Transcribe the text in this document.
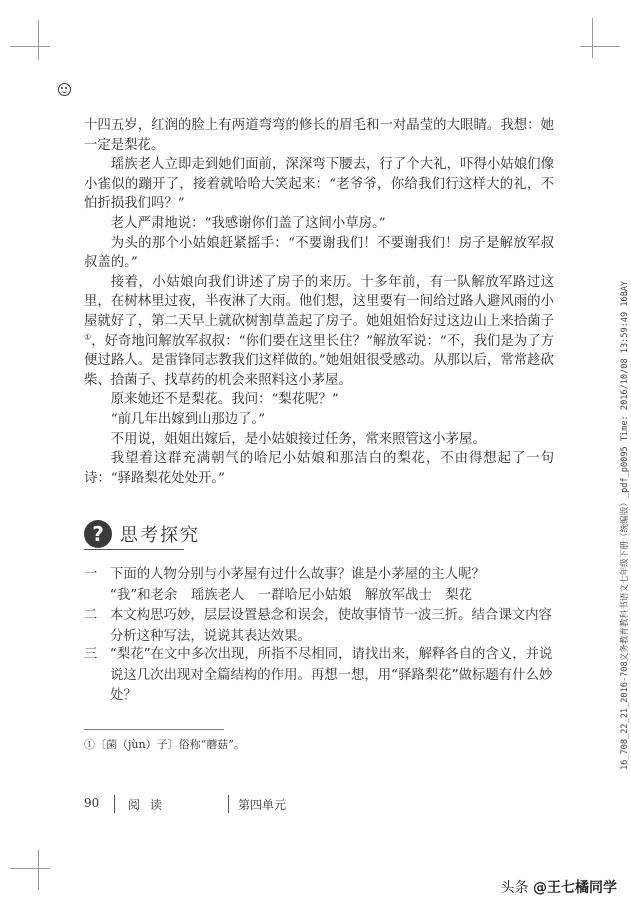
十四五岁，红润的脸上有两道弯弯的修长的眉毛和一对晶莹的大眼睛。我想：她一定是梨花。

瑶族老人立即走到她们面前，深深弯下腰去，行了个大礼，吓得小姑娘们像小雀似的蹦开了，接着就哈哈大笑起来：“老爷爷，你给我们行这样大的礼，不怕折损我们吗？”

老人严肃地说：“我感谢你们盖了这间小草房。”

为头的那个小姑娘赶紧摇手：“不要谢我们！不要谢我们！房子是解放军叔叔盖的。”

接着，小姑娘向我们讲述了房子的来历。十多年前，有一队解放军路过这里，在树林里过夜，半夜淋了大雨。他们想，这里要有一间给过路人避风雨的小屋就好了，第二天早上就砍树割草盖起了房子。她姐姐恰好过这边山上来拾菌子①，好奇地问解放军叔叔：“你们要在这里长住？”解放军说：“不，我们是为了方便过路人。是雷锋同志教我们这样做的。”她姐姐很受感动。从那以后，常常趁砍柴、拾菌子、找草药的机会来照料这小茅屋。

原来她还不是梨花。我问：“梨花呢？”

“前几年出嫁到山那边了。”

不用说，姐姐出嫁后，是小姑娘接过任务，常来照管这小茅屋。

我望着这群充满朝气的哈尼小姑娘和那洁白的梨花，不由得想起了一句诗：“驿路梨花处处开。”

? 思考探究
一 下面的人物分别与小茅屋有过什么故事？谁是小茅屋的主人呢？
“我”和老余　瑶族老人　一群哈尼小姑娘　解放军战士　梨花
二 本文构思巧妙，层层设置悬念和误会，使故事情节一波三折。结合课文内容分析这种写法，说说其表达效果。
三 “梨花”在文中多次出现，所指不尽相同，请找出来，解释各自的含义，并说说这几次出现对全篇结构的作用。再想一想，用“驿路梨花”做标题有什么妙处？
①〔菌（jùn）子〕俗称“蘑菇”。
90 阅 读	第四单元
16_708_22_21_2016-708义务教育教科书语文七年级下册（统编版）_pdf_p0095 Time: 2016/10/08 13:59:49 16BAY
头条 @王七橘同学
